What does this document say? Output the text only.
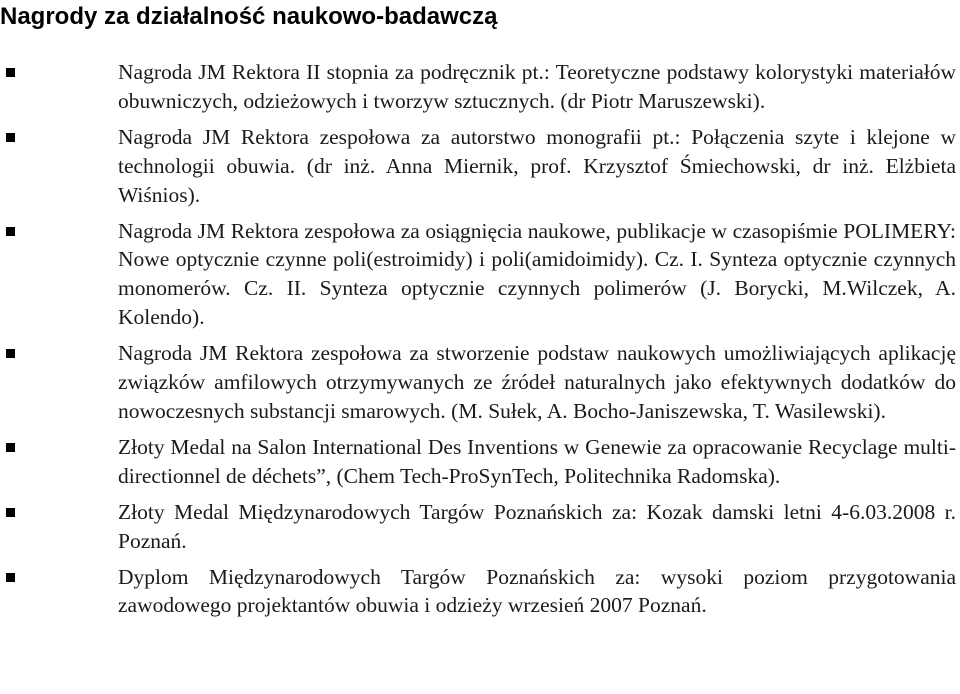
Nagrody za działalność naukowo-badawczą
Nagroda JM Rektora II stopnia za podręcznik pt.: Teoretyczne podstawy kolorystyki materiałów obuwniczych, odzieżowych i tworzyw sztucznych. (dr Piotr Maruszewski).
Nagroda JM Rektora zespołowa za autorstwo monografii pt.: Połączenia szyte i klejone w technologii obuwia. (dr inż. Anna Miernik, prof. Krzysztof Śmiechowski, dr inż. Elżbieta Wiśnios).
Nagroda JM Rektora zespołowa za osiągnięcia naukowe, publikacje w czasopiśmie POLIMERY: Nowe optycznie czynne poli(estroimidy) i poli(amidoimidy). Cz. I. Synteza optycznie czynnych monomerów. Cz. II. Synteza optycznie czynnych polimerów (J. Borycki, M.Wilczek, A. Kolendo).
Nagroda JM Rektora zespołowa za stworzenie podstaw naukowych umożliwiających aplikację związków amfilowych otrzymywanych ze źródeł naturalnych jako efektywnych dodatków do nowoczesnych substancji smarowych. (M. Sułek, A. Bocho-Janiszewska, T. Wasilewski).
Złoty Medal na Salon International Des Inventions w Genewie za opracowanie Recyclage multi-directionnel de déchets”, (Chem Tech-ProSynTech, Politechnika Radomska).
Złoty Medal Międzynarodowych Targów Poznańskich za: Kozak damski letni 4-6.03.2008 r. Poznań.
Dyplom Międzynarodowych Targów Poznańskich za: wysoki poziom przygotowania zawodowego projektantów obuwia i odzieży wrzesień 2007 Poznań.
